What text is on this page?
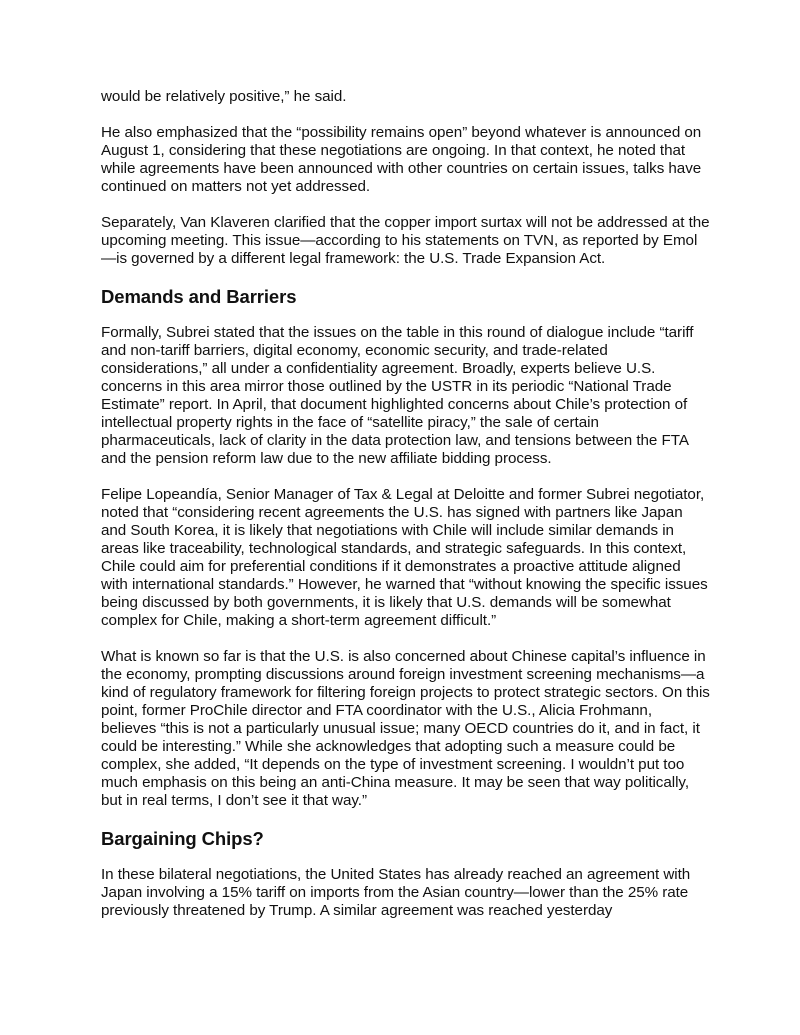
would be relatively positive,” he said.

He also emphasized that the “possibility remains open” beyond whatever is announced on August 1, considering that these negotiations are ongoing. In that context, he noted that while agreements have been announced with other countries on certain issues, talks have continued on matters not yet addressed.

Separately, Van Klaveren clarified that the copper import surtax will not be addressed at the upcoming meeting. This issue—according to his statements on TVN, as reported by Emol—is governed by a different legal framework: the U.S. Trade Expansion Act.

Demands and Barriers

Formally, Subrei stated that the issues on the table in this round of dialogue include “tariff and non-tariff barriers, digital economy, economic security, and trade-related considerations,” all under a confidentiality agreement. Broadly, experts believe U.S. concerns in this area mirror those outlined by the USTR in its periodic “National Trade Estimate” report. In April, that document highlighted concerns about Chile’s protection of intellectual property rights in the face of “satellite piracy,” the sale of certain pharmaceuticals, lack of clarity in the data protection law, and tensions between the FTA and the pension reform law due to the new affiliate bidding process.

Felipe Lopeandía, Senior Manager of Tax & Legal at Deloitte and former Subrei negotiator, noted that “considering recent agreements the U.S. has signed with partners like Japan and South Korea, it is likely that negotiations with Chile will include similar demands in areas like traceability, technological standards, and strategic safeguards. In this context, Chile could aim for preferential conditions if it demonstrates a proactive attitude aligned with international standards.” However, he warned that “without knowing the specific issues being discussed by both governments, it is likely that U.S. demands will be somewhat complex for Chile, making a short-term agreement difficult.”

What is known so far is that the U.S. is also concerned about Chinese capital’s influence in the economy, prompting discussions around foreign investment screening mechanisms—a kind of regulatory framework for filtering foreign projects to protect strategic sectors. On this point, former ProChile director and FTA coordinator with the U.S., Alicia Frohmann, believes “this is not a particularly unusual issue; many OECD countries do it, and in fact, it could be interesting.” While she acknowledges that adopting such a measure could be complex, she added, “It depends on the type of investment screening. I wouldn’t put too much emphasis on this being an anti-China measure. It may be seen that way politically, but in real terms, I don’t see it that way.”

Bargaining Chips?

In these bilateral negotiations, the United States has already reached an agreement with Japan involving a 15% tariff on imports from the Asian country—lower than the 25% rate previously threatened by Trump. A similar agreement was reached yesterday
